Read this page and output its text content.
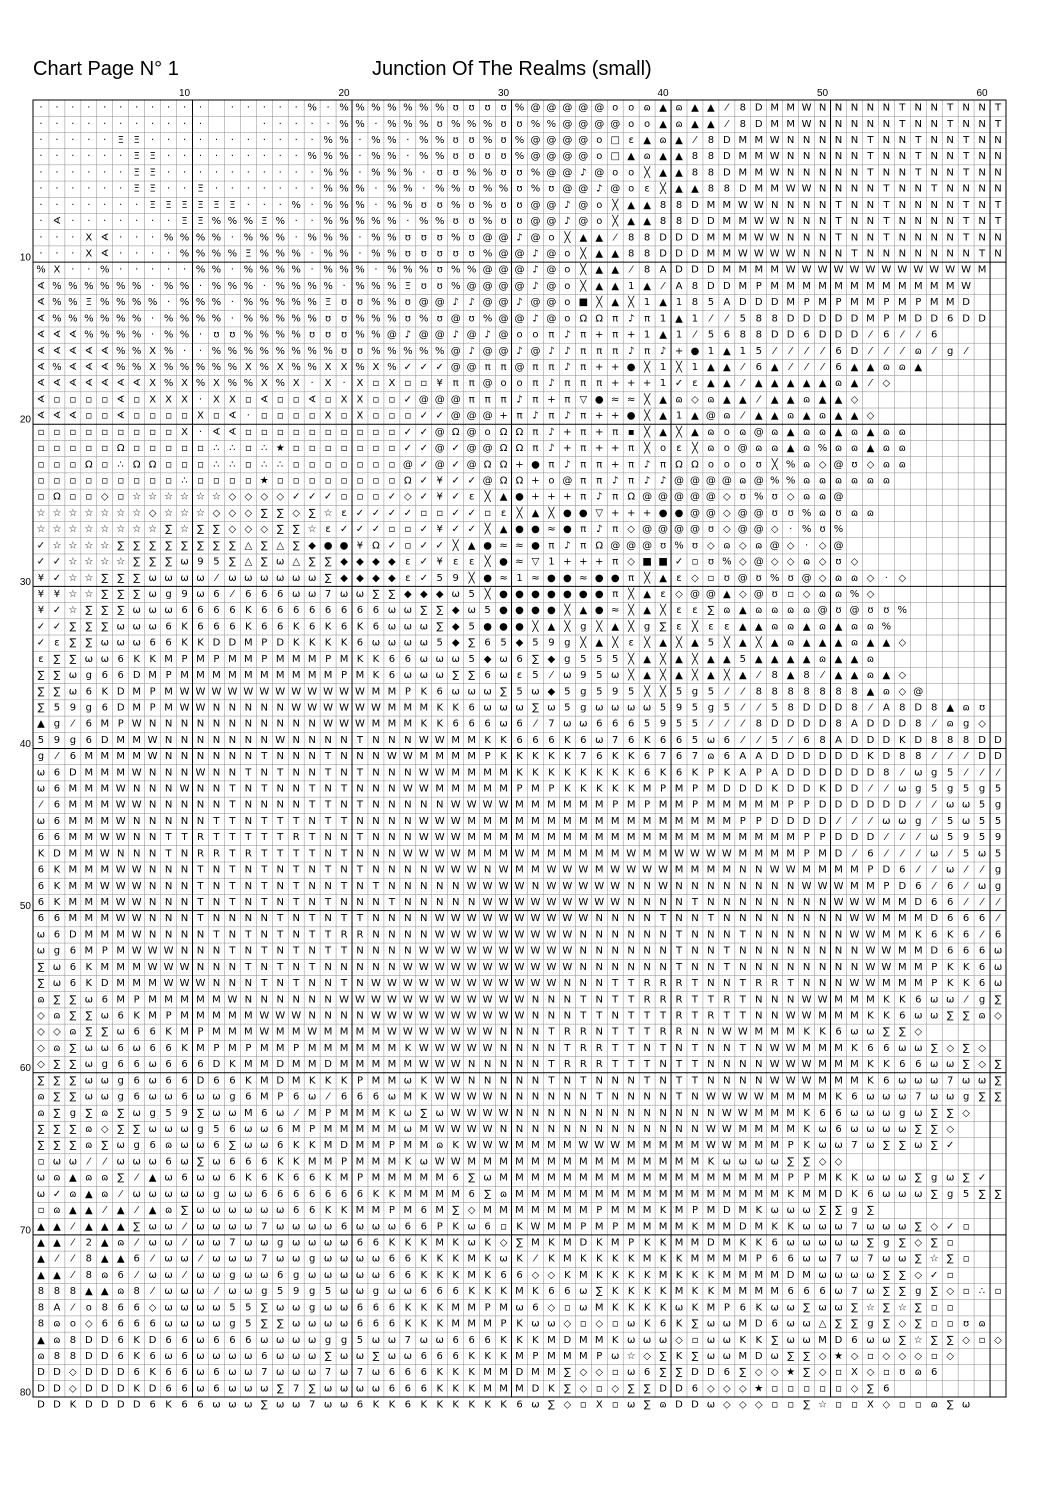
Chart Page N° 1	Junction Of The Realms (small)
· · · · · · · · · · ·	· · · · · % · % % % % % % % ʊ ʊ ʊ ʊ % @ @ @ @ @ o o ɷ ▲ ɷ ▲ ▲ ⁄ 8 D M M W N N N N N T N N T N N T
· · · · · · · · · · ·	· · · · · % % · % % % ʊ % % % ʊ ʊ % % @ @ @ @ o o ▲ ɷ ▲ ▲ ⁄ 8 D M M W N N N N N T N N T N N T
· · · · · Ξ Ξ · · · · · · · · · · · % % · % % · % % ʊ ʊ % ʊ % @ @ @ @ o □ ε ▲ ɷ ▲ ⁄ 8 D M M W N N N N N T N N T N N T N N
· · · · · · Ξ Ξ · · · · · · · · · % % % · % % · % % ʊ ʊ ʊ ʊ % @ @ @ @ o □ ▲ ɷ ▲ ▲ 8 8 D M M W N N N N N T N N T N N T N N
· · · · · · Ξ Ξ · · · · · · · · · · % % · % % % · ʊ ʊ % % ʊ ʊ % @ @ ♪ @ o o ╳ ▲ ▲ 8 8 D M M W N N N N N T N N T N N T N N
· · · · · · Ξ Ξ · · Ξ · · · · · · · % % % · % % · % % ʊ % % ʊ % ʊ @ @ ♪ @ o ε ╳ ▲ ▲ 8 8 D M M W W N N N N T N N T N N N N
· · · · · · · Ξ Ξ Ξ Ξ Ξ Ξ · · · % · % % % · % % ʊ ʊ % ʊ % ʊ ʊ @ @ ♪ @ o ╳ ▲ ▲ 8 8 D M M W W N N N N T N N T N N N N T N T
· ∢ · · · · · · · Ξ Ξ % % % Ξ % · · % % % % % · % % ʊ ʊ % ʊ ʊ @ @ ♪ @ o ╳ ▲ ▲ 8 8 D D M M W W N N N T N N T N N N N T N T
· · · X ∢ · · · % % % % · % % % · % % % · % % ʊ ʊ ʊ % ʊ @ @ ♪ @ o ╳ ▲ ▲ ⁄ 8 8 D D D M M M W W N N N T N N T N N N N T N N
· · · X ∢ · · · · % % % % Ξ % % % · % % · % % ʊ ʊ ʊ ʊ ʊ % @ @ ♪ @ o ╳ ▲ ▲ 8 8 D D D M M W W W W N N N T N N N N N N N T N
% X · · % · · · · · % % · % % % % · % % % · % % % ʊ % % @ @ @ ♪ @ o ╳ ▲ ▲ ⁄ 8 A D D D M M M M W W W W W W W W W W W W M
∢ % % % % % % · % % · % % % · % % % % · % % % Ξ ʊ ʊ % @ @ @ @ ♪ @ o ╳ ▲ ▲ 1 ▲ ⁄ A 8 D D M P M M M M M M M M M M M M W
∢ % % Ξ % % % % · % % % · % % % % % Ξ ʊ ʊ % % ʊ @ @ ♪ ♪ @ @ ♪ @ @ o ■ ╳ ▲ ╳ 1 ▲ 1 8 5 A D D D M P M P M M P M P M M D
∢ % % % % % % · % % % % · % % % % % ʊ ʊ % % % ʊ % ʊ @ ʊ % @ @ ♪ @ o Ω Ω π ♪ π 1 ▲ 1 ⁄ ⁄ 5 8 8 D D D D D M P M D D 6 D D
∢ ∢ ∢ % % % % · % % · ʊ ʊ % % % % ʊ ʊ ʊ % % @ ♪ @ @ ♪ @ ♪ @ o o π ♪ π + π + 1 ▲ 1 ⁄ 5 6 8 8 D D 6 D D D ⁄ 6 ⁄ ⁄ 6
∢ ∢ ∢ ∢ ∢ % % X % · · % % % % % % % % ʊ ʊ % % % % % @ ♪ @ @ ♪ @ ♪ ♪ π π π ♪ π ♪ + ● 1 ▲ 1 5 ⁄ ⁄ ⁄ ⁄ 6 D ⁄ ⁄ ⁄ ɷ ⁄ g ⁄
∢ % ∢ ∢ ∢ % % X % % % % % X % X % % X X % X % ✓ ✓ ✓ @ @ π π @ π π ♪ π + + ● ╳ 1 ╳ 1 ▲ ▲ ⁄ 6 ▲ ⁄ ⁄ ⁄ 6 ▲ ▲ ɷ ɷ ▲
∢ ∢ ∢ ∢ ∢ ∢ ∢ X % X % X % % X % X · X · X ▫ X ▫ ▫ ¥ π π @ o o π ♪ π π π + + + 1 ✓ ε ▲ ▲ ⁄ ▲ ▲ ▲ ▲ ▲ ɷ ▲ ⁄ ◇
∢ ▫ ▫ ▫ ▫ ∢ ▫ X X X · X X ▫ ∢ ▫ ▫ ∢ ▫ X X ▫ ▫ ✓ @ @ @ π π π ♪ π + π ▽ ● ≈ ≈ ╳ ▲ ɷ ◇ ɷ ▲ ▲ ⁄ ▲ ▲ ɷ ▲ ▲ ◇
∢ ∢ ∢ ▫ ▫ ∢ ▫ ▫ ▫ ▫ X ▫ ∢ · ▫ ▫ ▫ ▫ X ▫ X ▫ ▫ ▫ ✓ ✓ @ @ @ + π ♪ π ♪ π + + ● ╳ ▲ 1 ▲ @ ɷ ⁄ ▲ ▲ ɷ ▲ ɷ ▲ ▲ ◇
▫ ▫ ▫ ▫ ▫ ▫ ▫ ▫ ▫ X · ∢ ∢ ▫ ▫ ▫ ▫ ▫ ▫ ▫ ▫ ▫ ▫ ✓ ✓ @ Ω @ o Ω Ω π ♪ + π + π ▪ ╳ ▲ ╳ ▲ ɷ o ɷ @ ɷ ▲ ɷ ɷ ▲ ɷ ▲ ɷ ɷ
▫ ▫ ▫ ▫ ▫ Ω ▫ ▫ ▫ ▫ ▫ ∴ ∴ ▫ ∴ ★ ▫ ▫ ▫ ▫ ▫ ▫ ▫ ✓ ✓ @ ✓ @ @ Ω Ω π ♪ + π + + π ╳ o ε ╳ ɷ o @ ɷ ɷ ▲ ɷ % ɷ ɷ ▲ ɷ ɷ
▫ ▫ ▫ Ω ▫ ∴ Ω Ω ▫ ▫ ▫ ∴ ∴ ▫ ∴ ∴ ▫ ▫ ▫ ▫ ▫ ▫ ▫ @ ✓ @ ✓ @ Ω Ω + ● π ♪ π π + π ♪ π Ω Ω o o o ʊ ╳ % ɷ ◇ @ ʊ ◇ ɷ ɷ
▫ ▫ ▫ ▫ ▫ ▫ ▫ ▫ ▫ ∴ ▫ ▫ ▫ ▫ ★ ▫ ▫ ▫ ▫ ▫ ▫ ▫ ▫ Ω ✓ ¥ ✓ ✓ @ Ω Ω + o @ π π ♪ π ♪ ♪ @ @ @ @ ɷ @ % % ɷ ɷ ɷ ɷ ɷ ɷ
▫ Ω ▫ ▫ ◇ ▫ ☆ ☆ ☆ ☆ ☆ ☆ ◇ ◇ ◇ ◇ ✓ ✓ ✓ ▫ ▫ ▫ ✓ ◇ ✓ ¥ ✓ ε ╳ ▲ ● + + + π ♪ π Ω @ @ @ @ @ ◇ ʊ % ʊ ◇ ɷ ɷ @
☆ ☆ ☆ ☆ ☆ ☆ ☆ ◇ ☆ ☆ ☆ ◇ ◇ ◇ ∑ ∑ ◇ ∑ ☆ ε ✓ ✓ ✓ ✓ ▫ ▫ ✓ ✓ ▫ ε ╳ ▲ ╳ ● ● ▽ + + + ● ● @ @ ◇ @ @ ʊ ʊ % ɷ ʊ ɷ ɷ
☆ ☆ ☆ ☆ ☆ ☆ ☆ ☆ ∑ ☆ ∑ ∑ ◇ ◇ ◇ ∑ ∑ ☆ ε ✓ ✓ ✓ ▫ ▫ ✓ ¥ ✓ ✓ ╳ ▲ ● ● ≈ ● π ♪ π ◇ @ @ @ @ ʊ ◇ @ @ ◇ · % ʊ %
✓ ☆ ☆ ☆ ☆ ∑ ∑ ∑ ∑ ∑ ∑ ∑ ∑ △ ∑ △ ∑ ◆ ● ● ¥ Ω ✓ ▫ ✓ ✓ ╳ ▲ ● ≈ ≈ ● π ♪ π Ω @ @ @ ʊ % ʊ ◇ ɷ ◇ ɷ @ ◇ · ◇ @
✓ ✓ ☆ ☆ ☆ ☆ ∑ ∑ ∑ ω 9 5 ∑ △ ∑ ω △ ∑ ∑ ◆ ◆ ◆ ◆ ε ✓ ¥ ε ε ╳ ● ≈ ▽ 1 + + + π ◇ ■ ■ ✓ ▫ ʊ % ◇ @ ◇ ◇ ɷ ◇ ʊ ◇
¥ ✓ ☆ ☆ ∑ ∑ ∑ ω ω ω ω ⁄ ω ω ω ω ω ω ∑ ◆ ◆ ◆ ◆ ε ✓ 5 9 ╳ ● ≈ 1 ≈ ● ● ≈ ● ● π ╳ ▲ ε ◇ ▫ ʊ @ ʊ % ʊ @ ◇ ɷ ɷ ◇ · ◇
¥ ¥ ☆ ☆ ∑ ∑ ∑ ω g 9 ω 6 ⁄ 6 6 6 ω ω 7 ω ω ∑ ∑ ◆ ◆ ◆ ω 5 ╳ ● ● ● ● ● ● ● π ╳ ▲ ε ◇ @ @ ▲ ◇ @ ʊ ▫ ◇ ɷ ɷ % ◇
¥ ✓ ☆ ∑ ∑ ∑ ω ω ω 6 6 6 6 K 6 6 6 6 6 6 6 6 ω ω ∑ ∑ ◆ ω 5 ● ● ● ● ╳ ▲ ● ≈ ╳ ▲ ╳ ε ε ∑ ɷ ▲ ɷ ɷ ɷ ɷ @ ʊ @ ʊ ʊ %
✓ ✓ ∑ ∑ ∑ ω ω ω 6 K 6 6 6 K 6 6 K 6 K 6 K 6 ω ω ω ∑ ◆ 5 ● ● ● ╳ ▲ ╳ g ╳ ▲ ╳ g ∑ ε ╳ ε ε ▲ ▲ ɷ ɷ ▲ ɷ ▲ ɷ ɷ %
✓ ε ∑ ∑ ω ω ω 6 6 K K D D M P D K K K K 6 ω ω ω ω 5 ◆ ∑ 6 5 ◆ 5 9 g ╳ ▲ ╳ ε ╳ ▲ ╳ ▲ 5 ╳ ▲ ╳ ▲ ɷ ▲ ▲ ▲ ɷ ▲ ▲ ◇
ε ∑ ∑ ω ω 6 K K M P M P M M P M M M P M K K 6 6 ω ω ω 5 ◆ ω 6 ∑ ◆ g 5 5 5 ╳ ▲ ╳ ▲ ╳ ▲ ▲ 5 ▲ ▲ ▲ ▲ ɷ ▲ ▲ ɷ
∑ ∑ ω g 6 6 D M P M M M M M M M M M M P M K 6 ω ω ω ∑ ∑ 6 ω ε 5 ⁄ ω 9 5 ω ╳ ▲ ╳ ▲ ╳ ▲ ╳ ▲ ⁄ 8 ▲ 8 ⁄ ▲ ▲ ɷ ▲ ◇
∑ ∑ ω 6 K D M P M W W W W W W W W W W W W M M P K 6 ω ω ω ∑ 5 ω ◆ 5 g 5 9 5 ╳ ╳ 5 g 5 ⁄ ⁄ 8 8 8 8 8 8 8 ▲ ɷ ◇ @
∑ 5 9 g 6 D M P M W W N N N N N W W W W W W M M M K K 6 ω ω ω ∑ ω 5 g ω ω ω ω 5 9 5 g 5 ⁄ ⁄ 5 8 D D D 8 ⁄ A 8 D 8 ▲ ɷ ʊ
▲ g ⁄ 6 M P W N N N N N N N N N N N W W W M M M K K 6 6 6 ω 6 ⁄ 7 ω ω 6 6 6 5 9 5 5 ⁄ ⁄ ⁄ 8 D D D D 8 A D D D 8 ⁄ ɷ g ◇
5 9 g 6 D M M W N N N N N N N W N N N N T N N N W W M M K K 6 6 6 K 6 ω 7 6 K 6 6 5 ω 6 ⁄ ⁄ 5 ⁄ 6 8 A D D D K D 8 8 8 D D
g ⁄ 6 M M M M W N N N N N N T N N N T N N N W W M M M M P K K K K K 7 6 K K 6 7 6 7 ɷ 6 A A D D D D D D K D 8 8 ⁄ ⁄ ⁄ D D
ω 6 D M M M W N N N W N N T N T N N T N T N N N W W M M M M K K K K K K K K 6 K 6 K P K A P A D D D D D D 8 ⁄ ω g 5 ⁄ ⁄ ⁄
ω 6 M M M W N N N W N N T N T N N T N T N N N W W M M M M M P M P K K K K K M P M P M D D D K D D K D D ⁄ ⁄ ω g 5 g 5 g 5
⁄ 6 M M M W W N N N N N T N N N N T T N T N N N N N W W W W M M M M M M P M P M M P M M M M M P P D D D D D D ⁄ ⁄ ω ω 5 g
ω 6 M M M W N N N N N T T N T T T N T T N N N N W W W M M M M M M M M M M M M M M M M M P P D D D D ⁄ ⁄ ⁄ ω ω g ⁄ 5 ω 5 5
6 6 M M W W N N T T R T T T T T R T N N T N N N W W W M M M M M M M M M M M M M M M M M M M M M P P D D D ⁄ ⁄ ⁄ ω 5 9 5 9
K D M M W N N N T N R R T R T T T T N T N N N W W W W M M M W M M M M M M W M M W W W W M M M M P M D ⁄ 6 ⁄ ⁄ ⁄ ω ⁄ 5 ω 5
6 K M M M W W N N N T N T N T N T N T N T N N N N W W W N W M M W W W M W W W W M M M M N N W W M M M M P D 6 ⁄ ⁄ ω ⁄ ⁄ g
6 K M M W W W N N N T N T N T N T N N T N T N N N N N W W W W N W W W W W N N W N N N N N N N N W W W M M P D 6 ⁄ 6 ⁄ ω g
6 K M M M W W N N N T N T N T N T N T N N N T N N N N N W W W W W W W W W N N N N T N N N N N N N N W W W M M D 6 6 ⁄ ⁄ ⁄
6 6 M M M W W N N N T N N N N T N T N T T N N N N W W W W W W W W W W N N N N T N N T N N N N N N N N W W M M M D 6 6 6 ⁄
ω 6 D M M M W N N N N T N T N T N T T R R N N N N W W W W W W W W W N N N N N N T N N N T N N N N N N W W M M K 6 K 6 ⁄ 6
ω g 6 M P M W W W N N N T N T N T N T T N N N N W W W W W W W W W W N N N N N N T N N T N N N N N N N N W W M M D 6 6 6 ω
∑ ω 6 K M M M W W W N N N T N T N T N N N N N W W W W W W W W W W W N N N N N N T N N T N N N N N N N N W W M M P K K 6 ω
∑ ω 6 K D M M M W W W N N N T N T N N T N W W W W W W W W W W W W N N N T T R R R T N N T R R T N N N W W M M M P K K 6 ω
ɷ ∑ ∑ ω 6 M P M M M M M W N N N N N N W W W W W W W W W W W W N N N T N T T R R R T T R T N N N W W M M M K K 6 ω ω ⁄ g ∑
◇ ɷ ∑ ∑ ω 6 K M P M M M M M W W W N N N N W W W W W W W W W W N N N T T N T T T R T R T T N N W W M M M K K 6 ω ω ∑ ∑ ɷ ◇
◇ ◇ ɷ ∑ ∑ ω 6 6 K M P M M M W M M W M M M M W W W W W W W N N N T R R N T T T R R N N W W M M M K K 6 ω ω ∑ ∑ ◇
◇ ɷ ∑ ω ω 6 ω 6 6 K M P M P M M P M M M M M M K W W W W W N N N N T R R T T N T N T N N T N W W M M M K 6 6 ω ω ∑ ◇ ∑ ◇
◇ ∑ ∑ ω g 6 6 ω 6 6 6 D K M M D M M D M M M M M W W W N N N N N T R R R T T T N T T N N N N W W W M M M K K 6 6 ω ω ∑ ◇ ∑
∑ ∑ ∑ ω ω g 6 ω 6 6 D 6 6 K M D M K K K P M M ω K W W N N N N N T N T N N N T N T T N N N N W W W M M M K 6 ω ω ω 7 ω ω ∑
ɷ ∑ ∑ ω ω g 6 ω ω 6 ω ω g 6 M P 6 ω ⁄ 6 6 6 ω M K W W W W N N N N N N T N N N N T N W W W W M M M M K 6 ω ω ω 7 ω ω g ∑ ∑
ɷ ∑ g ∑ ɷ ∑ ω g 5 9 ∑ ω ω M 6 ω ⁄ M P M M M K ω ∑ ω W W W W N N N N N N N N N N N N N W W M M M K 6 6 ω ω ω g ω ∑ ∑ ◇
∑ ∑ ∑ ɷ ◇ ∑ ∑ ω ω ω g 5 6 ω ω 6 M P M M M M M ω M W W W W N N N N N N N N N N N N N W W M M M M K ω 6 ω ω ω ω ∑ ∑ ◇
∑ ∑ ∑ ɷ ∑ ω g 6 ɷ ω ω 6 ∑ ω ω 6 K K M D M M P M M ɷ K W W W M M M M W W W M M M M M W W M M M P K ω ω 7 ω ∑ ∑ ω ∑ ✓
▫ ω ω ⁄ ⁄ ω ω ω 6 ω ∑ ω 6 6 6 K K M M P M M M K ω W W M M M M M M M M M M M M M M M K ω ω ω ω ∑ ∑ ◇ ◇
ω ɷ ▲ ɷ ɷ ∑ ⁄ ▲ ω 6 ω ω 6 K 6 K 6 6 K M P M M M M M 6 ∑ ω M M M M M M M M M M M M M M M M M M P P M K K ω ω ω ∑ g ω ∑ ✓
ω ✓ ɷ ▲ ɷ ⁄ ω ω ω ω ω g ω ω 6 6 6 6 6 6 6 K K M M M M 6 ∑ ɷ M M M M M M M M M M M M M M M M M K M M D K 6 ω ω ω ∑ g 5 ∑ ∑
▫ ɷ ▲ ▲ ⁄ ▲ ⁄ ▲ ɷ ∑ ω ω ω ω ω ω 6 6 K K M M P M 6 M ∑ ◇ M M M M M M M P M M M K M P M D M K ω ω ω ∑ ∑ g ∑
▲ ▲ ⁄ ▲ ▲ ▲ ∑ ω ω ⁄ ω ω ω ω 7 ω ω ω ω 6 ω ω ω 6 6 P K ω 6 ▫ K W M M P M P M M M M K M M D M K K ω ω ω 7 ω ω ω ∑ ◇ ✓ ▫
▲ ▲ ⁄ 2 ▲ ɷ ⁄ ω ω ⁄ ω ω 7 ω ω g ω ω ω ω 6 6 K K K M K ω K ◇ ∑ M K M D K M P K K M M D M K K 6 ω ω ω ω ω ∑ g ∑ ◇ ∑ ▫
▲ ⁄ ⁄ 8 ▲ ▲ 6 ⁄ ω ω ⁄ ω ω ω 7 ω ω g ω ω ω ω 6 6 K K K M K ω K ⁄ K M K K K K M K K M M M M P 6 6 ω ω 7 ω 7 ω ω ∑ ☆ ∑ ▫
▲ ▲ ⁄ 8 ɷ 6 ⁄ ω ω ⁄ ω ω g ω ω 6 g ω ω ω ω ω 6 6 K K K M K 6 6 ◇ ◇ K M K K K K M K K K M M M M D M ω ω ω ω ∑ ∑ ◇ ✓ ▫
8 8 8 ▲ ▲ ɷ 8 ⁄ ω ω ω ⁄ ω ω g 5 9 g 5 ω ω g ω ω 6 6 6 K K K M K 6 6 ω ∑ K K K K M K K M M M M 6 6 6 ω 7 ω ∑ ∑ g ∑ ◇ ▫ ∴ ▫
8 A ⁄ o 8 6 6 ◇ ω ω ω ω 5 5 ∑ ω ω g ω ω 6 6 6 K K K M M P M ω 6 ◇ ▫ ω M K K K K ω K M P 6 K ω ω ∑ ω ω ∑ ☆ ∑ ☆ ∑ ▫ ▫
8 ɷ o ◇ 6 6 6 6 ω ω ω ω g 5 ∑ ∑ ω ω ω ω 6 6 6 K K K M M M P K ω ω ◇ ▫ ◇ ▫ ω K 6 K ∑ ω ω M D 6 ω ω △ ∑ ∑ g ∑ ◇ ∑ ▫ ▫ ʊ ɷ
▲ ɷ 8 D D 6 K D 6 6 ω 6 6 6 ω ω ω ω g g 5 ω ω 7 ω ω 6 6 6 K K K M D M M K ω ω ω ◇ ▫ ω ω K K ∑ ω ω M D 6 ω ω ∑ ☆ ∑ ∑ ◇ ▫ ◇
ɷ 8 8 D D 6 K 6 ω 6 ω ω ω ω 6 ω ω ω ∑ ω ω ∑ ω ω 6 6 6 K K K M P M M M P ω ☆ ◇ ∑ K ∑ ω ω M D ω ∑ ∑ ◇ ★ ◇ ▫ ◇ ◇ ◇ ▫ ◇
D D ◇ D D D 6 K 6 6 ω 6 ω ω 7 ω ω ω 7 ω 7 ω 6 6 6 K K K M M D M M ∑ ◇ ◇ ▫ ω 6 ∑ ∑ D D 6 ∑ ◇ ◇ ★ ∑ ◇ ▫ X ◇ ▫ ʊ ɷ 6
D D ◇ D D D K D 6 6 ω 6 ω ω ω ∑ 7 ∑ ω ω ω ω 6 6 6 K K K M M M D K ∑ ◇ ▫ ◇ ∑ ∑ D D 6 ◇ ◇ ◇ ★ ▫ ▫ ▫ ▫ ▫ ◇ ∑ 6
D D K D D D D 6 K 6 6 ω ω ω ∑ ω ω 7 ω ω 6 K K 6 K K K K K K 6 ω ∑ ◇ ▫ X ▫ ω ∑ ɷ D D ω ◇ ◇ ◇ ▫ ▫ ∑ ☆ ▫ ▫ X ◇ ▫ ▫ ɷ ∑ ω
10	20	30	40	50	60
10
20
30
40
50
60
70
80
